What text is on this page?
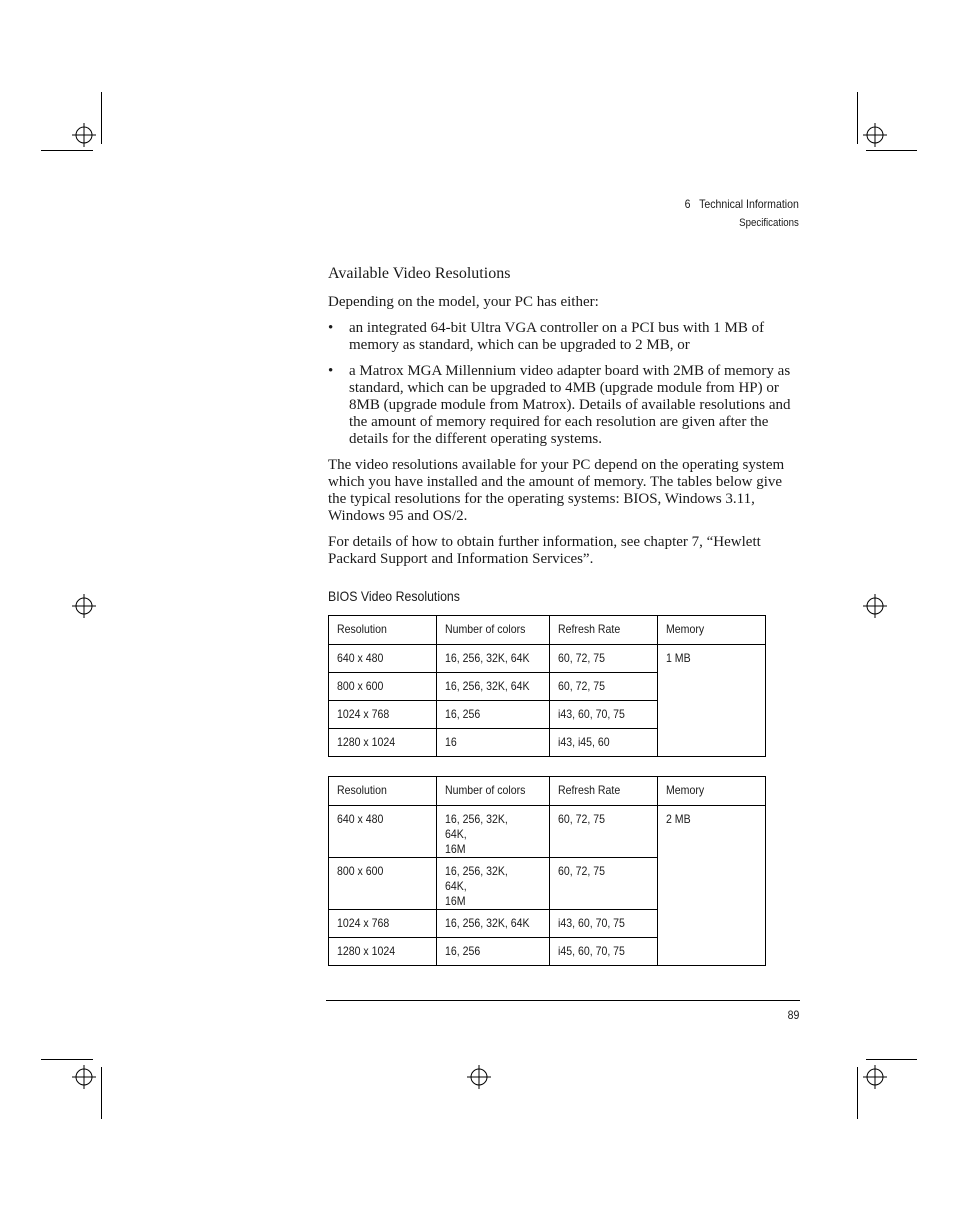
6   Technical Information
Specifications
Available Video Resolutions

Depending on the model, your PC has either:

• an integrated 64-bit Ultra VGA controller on a PCI bus with 1 MB of memory as standard, which can be upgraded to 2 MB, or
• a Matrox MGA Millennium video adapter board with 2MB of memory as standard, which can be upgraded to 4MB (upgrade module from HP) or 8MB (upgrade module from Matrox). Details of available resolutions and the amount of memory required for each resolution are given after the details for the different operating systems.

The video resolutions available for your PC depend on the operating system which you have installed and the amount of memory. The tables below give the typical resolutions for the operating systems: BIOS, Windows 3.11, Windows 95 and OS/2.

For details of how to obtain further information, see chapter 7, “Hewlett Packard Support and Information Services”.

BIOS Video Resolutions
Resolution	Number of colors	Refresh Rate	Memory
640 x 480	16, 256, 32K, 64K	60, 72, 75	1 MB
800 x 600	16, 256, 32K, 64K	60, 72, 75	
1024 x 768	16, 256	i43, 60, 70, 75	
1280 x 1024	16	i43, i45, 60	
Resolution	Number of colors	Refresh Rate	Memory
640 x 480	16, 256, 32K, 64K,
16M	60, 72, 75	2 MB
800 x 600	16, 256, 32K, 64K,
16M	60, 72, 75	
1024 x 768	16, 256, 32K, 64K	i43, 60, 70, 75	
1280 x 1024	16, 256	i45, 60, 70, 75	
89
